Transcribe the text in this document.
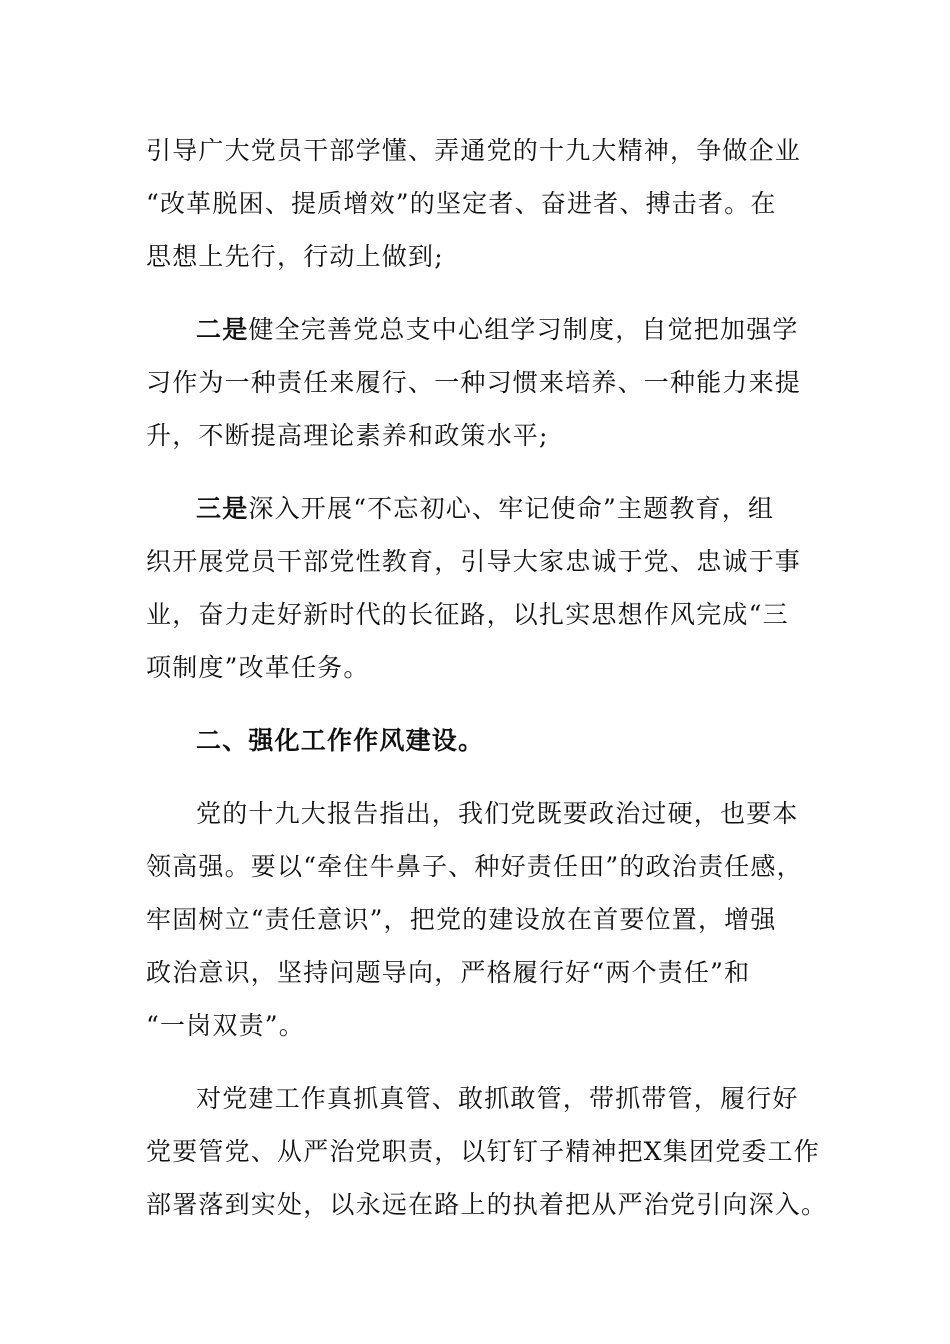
引导广大党员干部学懂、弄通党的十九大精神，争做企业
“改革脱困、提质增效”的坚定者、奋进者、搏击者。在
思想上先行，行动上做到;
二是健全完善党总支中心组学习制度，自觉把加强学
习作为一种责任来履行、一种习惯来培养、一种能力来提
升，不断提高理论素养和政策水平;
三是深入开展“不忘初心、牢记使命”主题教育，组
织开展党员干部党性教育，引导大家忠诚于党、忠诚于事
业，奋力走好新时代的长征路，以扎实思想作风完成“三
项制度”改革任务。
二、强化工作作风建设。
党的十九大报告指出，我们党既要政治过硬，也要本
领高强。要以“牵住牛鼻子、种好责任田”的政治责任感，
牢固树立“责任意识”，把党的建设放在首要位置，增强
政治意识，坚持问题导向，严格履行好“两个责任”和
“一岗双责”。
对党建工作真抓真管、敢抓敢管，带抓带管，履行好
党要管党、从严治党职责，以钉钉子精神把X集团党委工作
部署落到实处，以永远在路上的执着把从严治党引向深入。
